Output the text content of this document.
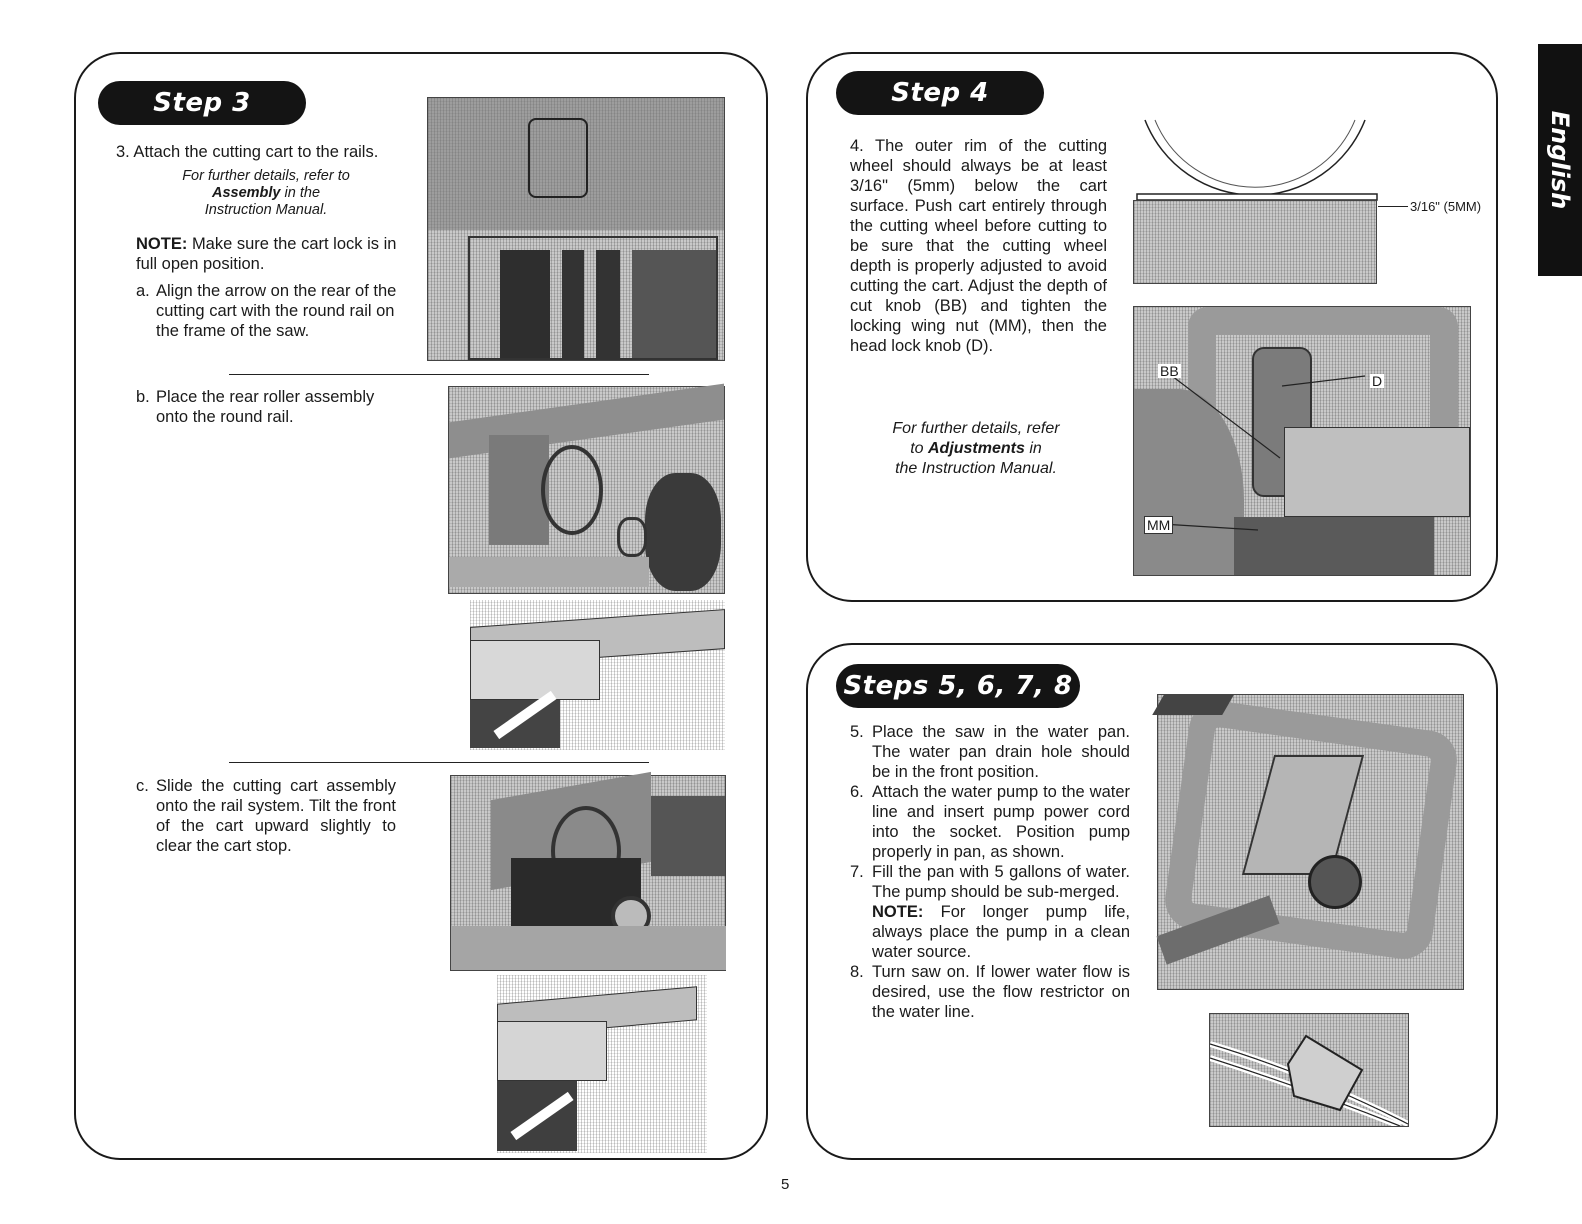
Step 3
3. Attach the cutting cart to the rails.
For further details, refer to
Assembly in the
Instruction Manual.
NOTE: Make sure the cart lock is in full open position.
a. Align the arrow on the rear of the cutting cart with the round rail on the frame of the saw.
b. Place the rear roller assembly onto the round rail.
c. Slide the cutting cart assembly onto the rail system. Tilt the front of the cart upward slightly to clear the cart stop.
Step 4
4. The outer rim of the cutting wheel should always be at least 3/16" (5mm) below the cart surface. Push cart entirely through the cutting wheel before cutting to be sure that the cutting wheel depth is properly adjusted to avoid cutting the cart. Adjust the depth of cut knob (BB) and tighten the locking wing nut (MM), then the head lock knob (D).
For further details, refer
to Adjustments in
the Instruction Manual.
3/16" (5MM)
BB
D
MM
Steps 5, 6, 7, 8
5. Place the saw in the water pan. The water pan drain hole should be in the front position.
6. Attach the water pump to the water line and insert pump power cord into the socket. Position pump properly in pan, as shown.
7. Fill the pan with 5 gallons of water. The pump should be sub-merged.
NOTE: For longer pump life, always place the pump in a clean water source.
8. Turn saw on. If lower water flow is desired, use the flow restrictor on the water line.
English
5
